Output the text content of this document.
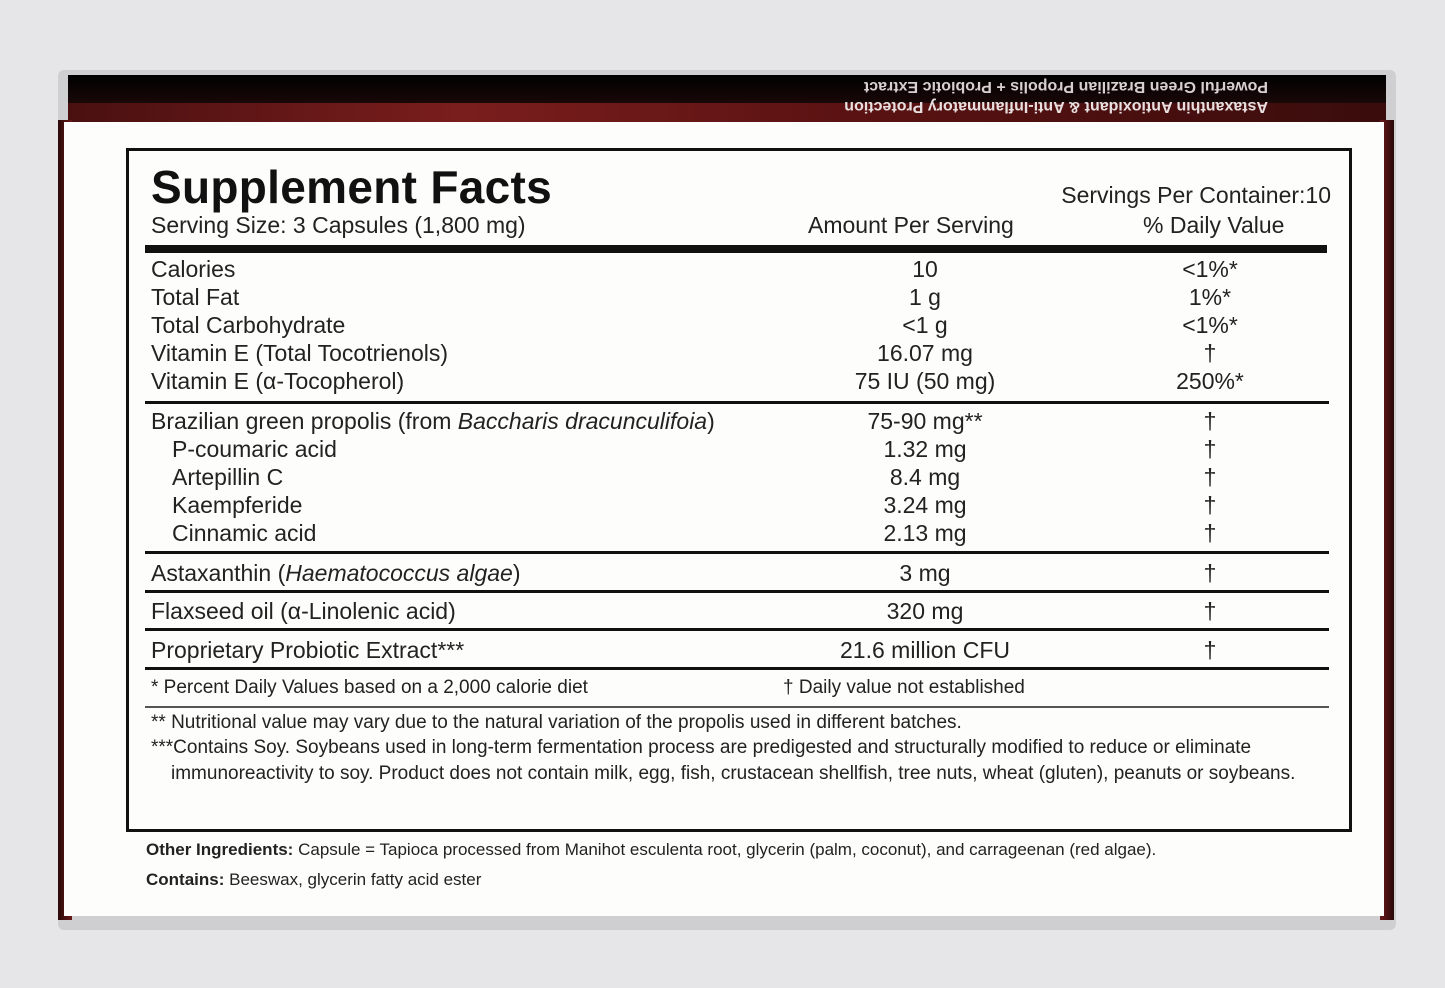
Powerful Green Brazilian Propolis + Probiotic Extract
Astaxanthin Antioxidant & Anti-Inflammatory Protection
Supplement Facts	Servings Per Container:10
Serving Size: 3 Capsules (1,800 mg)	Amount Per Serving	% Daily Value
Calories	10	<1%*
Total Fat	1 g	1%*
Total Carbohydrate	<1 g	<1%*
Vitamin E (Total Tocotrienols)	16.07 mg	†
Vitamin E (α-Tocopherol)	75 IU (50 mg)	250%*
Brazilian green propolis (from Baccharis dracunculifoia)	75-90 mg**	†
P-coumaric acid	1.32 mg	†
Artepillin C	8.4 mg	†
Kaempferide	3.24 mg	†
Cinnamic acid	2.13 mg	†
Astaxanthin (Haematococcus algae)	3 mg	†
Flaxseed oil (α-Linolenic acid)	320 mg	†
Proprietary Probiotic Extract***	21.6 million CFU	†
* Percent Daily Values based on a 2,000 calorie diet	† Daily value not established
** Nutritional value may vary due to the natural variation of the propolis used in different batches.
***Contains Soy. Soybeans used in long-term fermentation process are predigested and structurally modified to reduce or eliminate immunoreactivity to soy. Product does not contain milk, egg, fish, crustacean shellfish, tree nuts, wheat (gluten), peanuts or soybeans.
Other Ingredients: Capsule = Tapioca processed from Manihot esculenta root, glycerin (palm, coconut), and carrageenan (red algae).
Contains: Beeswax, glycerin fatty acid ester
